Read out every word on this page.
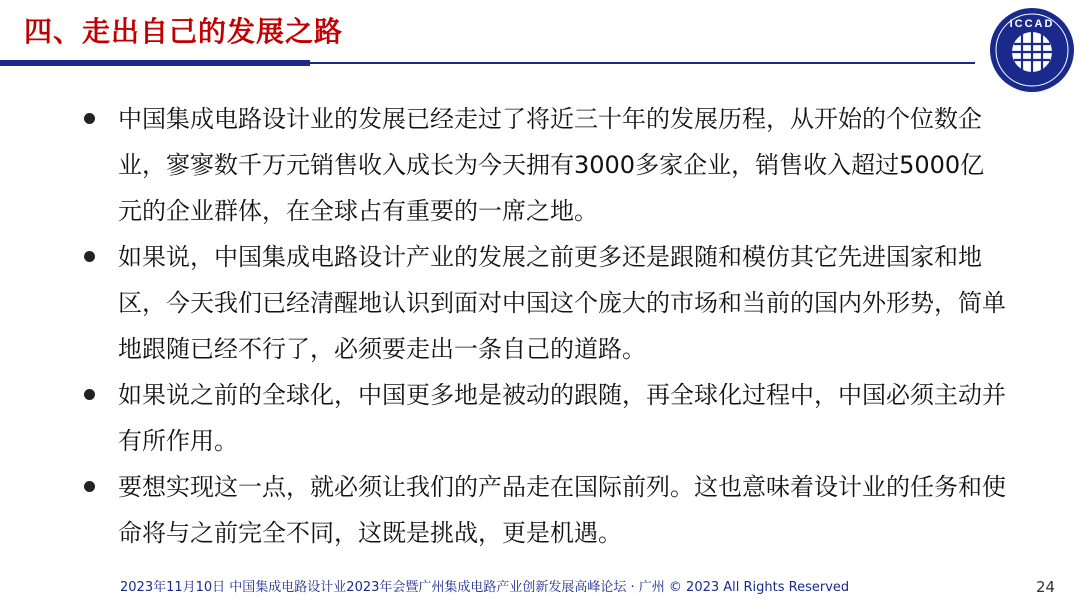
四、走出自己的发展之路	ICCAD
中国集成电路设计业的发展已经走过了将近三十年的发展历程，从开始的个位数企业，寥寥数千万元销售收入成长为今天拥有3000多家企业，销售收入超过5000亿元的企业群体，在全球占有重要的一席之地。
如果说，中国集成电路设计产业的发展之前更多还是跟随和模仿其它先进国家和地区，今天我们已经清醒地认识到面对中国这个庞大的市场和当前的国内外形势，简单地跟随已经不行了，必须要走出一条自己的道路。
如果说之前的全球化，中国更多地是被动的跟随，再全球化过程中，中国必须主动并有所作用。
要想实现这一点，就必须让我们的产品走在国际前列。这也意味着设计业的任务和使命将与之前完全不同，这既是挑战，更是机遇。
2023年11月10日 中国集成电路设计业2023年会暨广州集成电路产业创新发展高峰论坛 · 广州 © 2023 All Rights Reserved	24
